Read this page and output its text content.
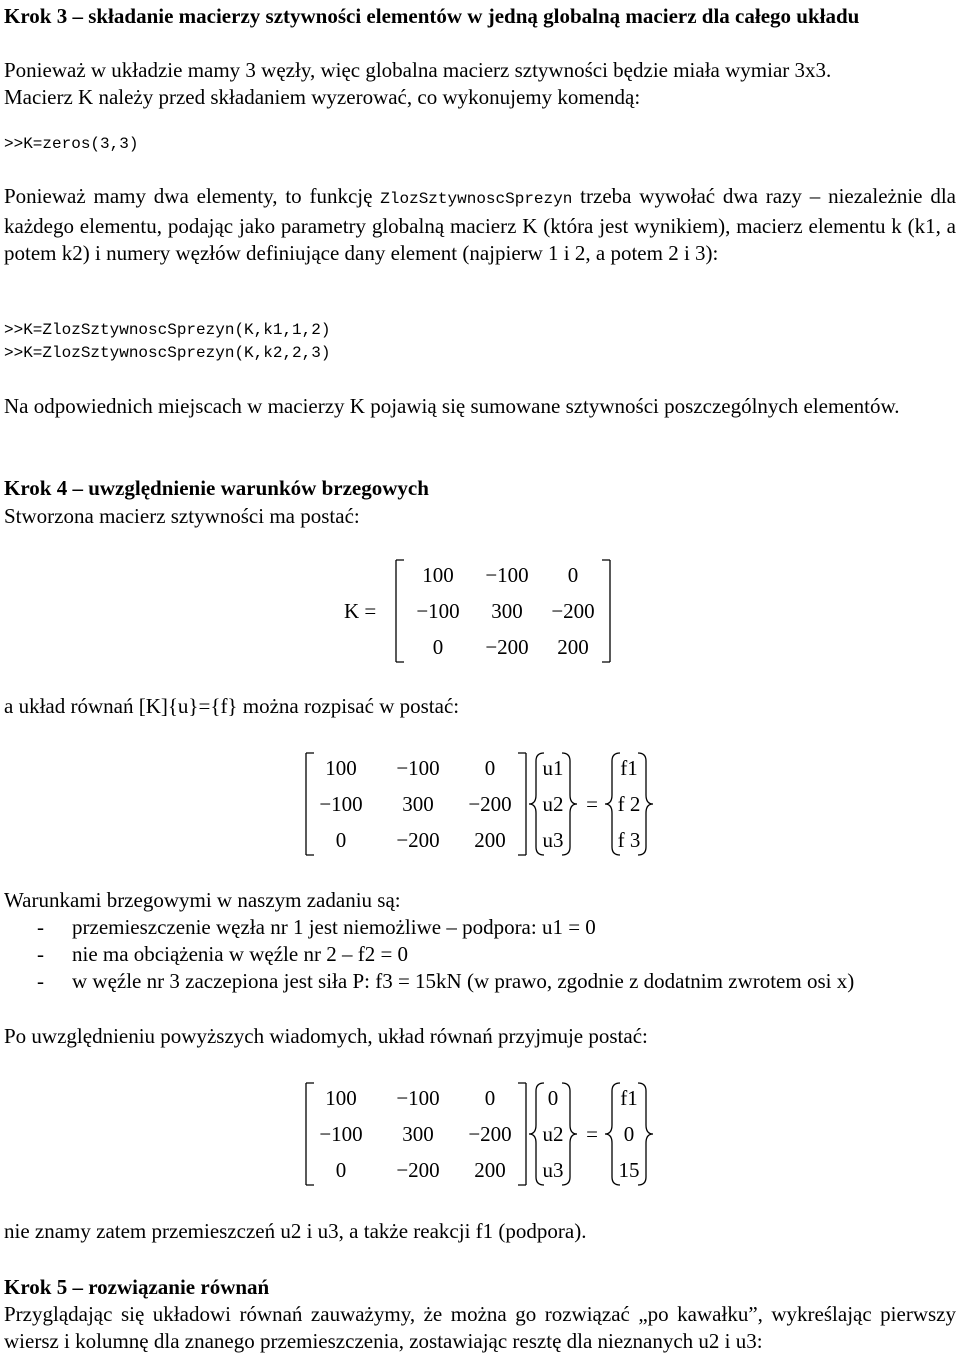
Krok 3 – składanie macierzy sztywności elementów w jedną globalną macierz dla całego układu
Ponieważ w układzie mamy 3 węzły, więc globalna macierz sztywności będzie miała wymiar 3x3.
Macierz K należy przed składaniem wyzerować, co wykonujemy komendą:
>>K=zeros(3,3)
Ponieważ mamy dwa elementy, to funkcję ZlozSztywnoscSprezyn trzeba wywołać dwa razy – niezależnie dla każdego elementu, podając jako parametry globalną macierz K (która jest wynikiem), macierz elementu k (k1, a potem k2) i numery węzłów definiujące dany element (najpierw 1 i 2, a potem 2 i 3):
>>K=ZlozSztywnoscSprezyn(K,k1,1,2)
>>K=ZlozSztywnoscSprezyn(K,k2,2,3)
Na odpowiednich miejscach w macierzy K pojawią się sumowane sztywności poszczególnych elementów.
Krok 4 – uwzględnienie warunków brzegowych
Stworzona macierz sztywności ma postać:
K =
100 −100 0
−100 300 −200
0 −200 200
a układ równań [K]{u}={f} można rozpisać w postać:
100 −100 0
−100 300 −200
0 −200 200
u1
u2
u3
=
f1
f 2
f 3
Warunkami brzegowymi w naszym zadaniu są:
- przemieszczenie węzła nr 1 jest niemożliwe – podpora: u1 = 0
- nie ma obciążenia w węźle nr 2 – f2 = 0
- w węźle nr 3 zaczepiona jest siła P: f3 = 15kN (w prawo, zgodnie z dodatnim zwrotem osi x)
Po uwzględnieniu powyższych wiadomych, układ równań przyjmuje postać:
100 −100 0
−100 300 −200
0 −200 200
0
u2
u3
=
f1
0
15
nie znamy zatem przemieszczeń u2 i u3, a także reakcji f1 (podpora).
Krok 5 – rozwiązanie równań
Przyglądając się układowi równań zauważymy, że można go rozwiązać „po kawałku”, wykreślając pierwszy wiersz i kolumnę dla znanego przemieszczenia, zostawiając resztę dla nieznanych u2 i u3:
